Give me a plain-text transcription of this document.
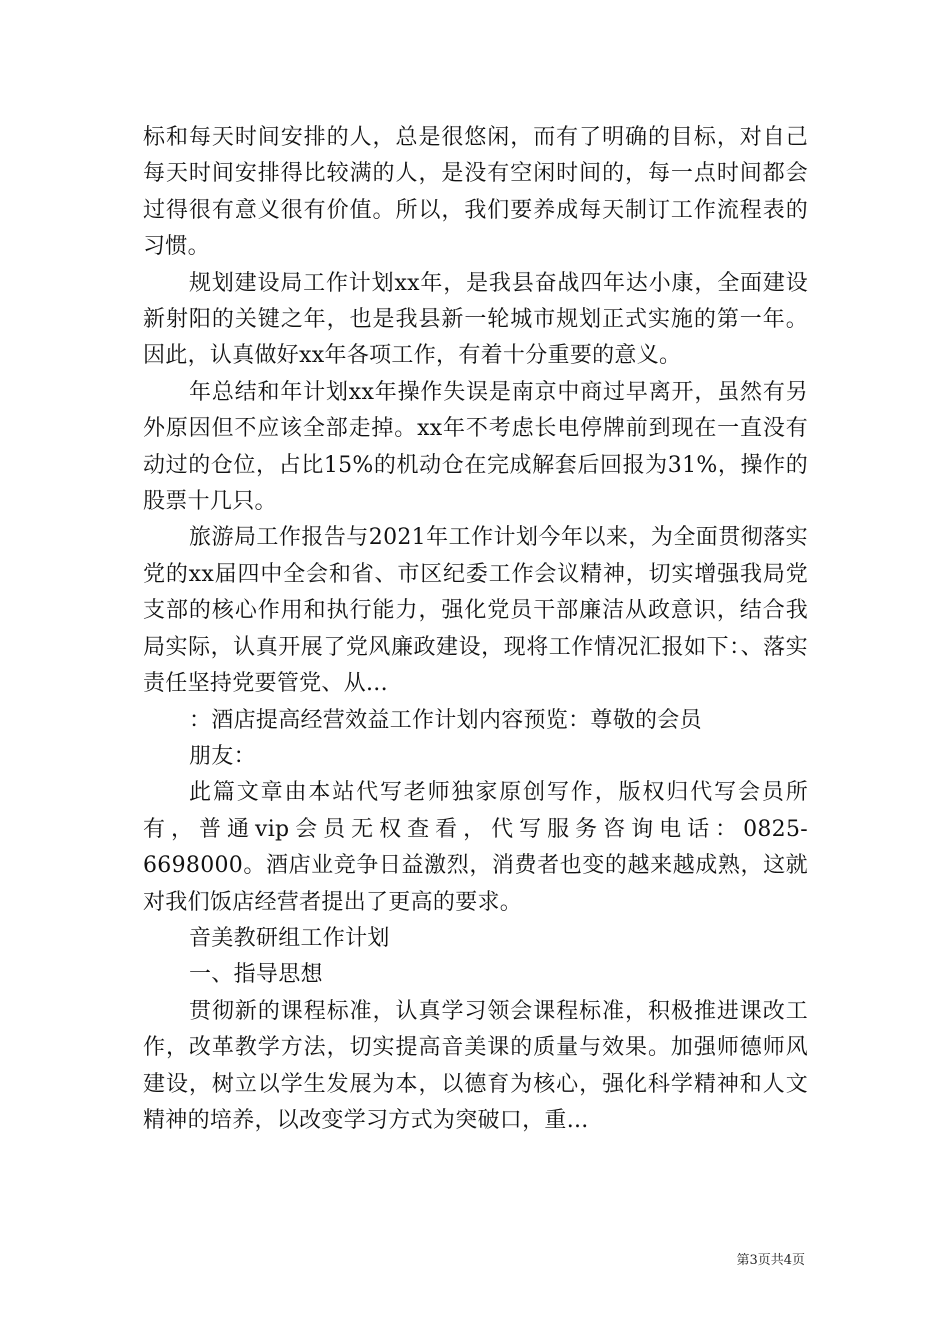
标和每天时间安排的人，总是很悠闲，而有了明确的目标，对自己每天时间安排得比较满的人，是没有空闲时间的，每一点时间都会过得很有意义很有价值。所以，我们要养成每天制订工作流程表的习惯。

规划建设局工作计划xx年，是我县奋战四年达小康，全面建设新射阳的关键之年，也是我县新一轮城市规划正式实施的第一年。因此，认真做好xx年各项工作，有着十分重要的意义。

年总结和年计划xx年操作失误是南京中商过早离开，虽然有另外原因但不应该全部走掉。xx年不考虑长电停牌前到现在一直没有动过的仓位，占比15%的机动仓在完成解套后回报为31%，操作的股票十几只。

旅游局工作报告与2021年工作计划今年以来，为全面贯彻落实党的xx届四中全会和省、市区纪委工作会议精神，切实增强我局党支部的核心作用和执行能力，强化党员干部廉洁从政意识，结合我局实际，认真开展了党风廉政建设，现将工作情况汇报如下：、落实责任坚持党要管党、从...

：酒店提高经营效益工作计划内容预览：尊敬的会员

朋友：

此篇文章由本站代写老师独家原创写作，版权归代写会员所有，普通vip会员无权查看，代写服务咨询电话：0825-6698000。酒店业竞争日益激烈，消费者也变的越来越成熟，这就对我们饭店经营者提出了更高的要求。

音美教研组工作计划

一、指导思想

贯彻新的课程标准，认真学习领会课程标准，积极推进课改工作，改革教学方法，切实提高音美课的质量与效果。加强师德师风建设，树立以学生发展为本，以德育为核心，强化科学精神和人文精神的培养，以改变学习方式为突破口，重...

第3页共4页
